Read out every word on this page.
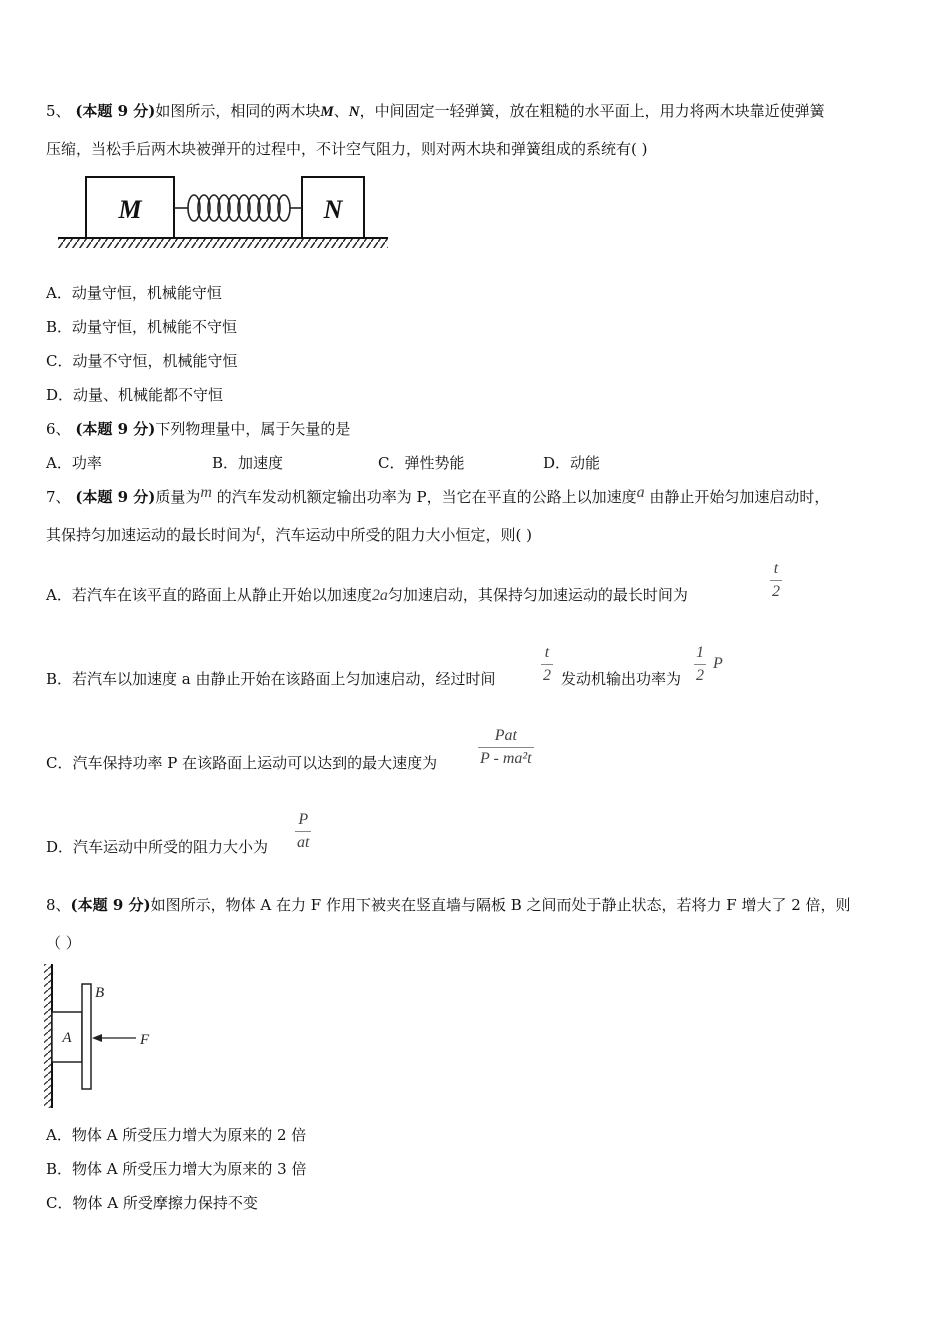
5、 (本题 9 分)如图所示，相同的两木块M、N，中间固定一轻弹簧，放在粗糙的水平面上，用力将两木块靠近使弹簧
压缩，当松手后两木块被弹开的过程中，不计空气阻力，则对两木块和弹簧组成的系统有( )
M	N
A．动量守恒，机械能守恒
B．动量守恒，机械能不守恒
C．动量不守恒，机械能守恒
D．动量、机械能都不守恒
6、 (本题 9 分)下列物理量中，属于矢量的是
A．功率	B．加速度	C．弹性势能	D．动能
7、 (本题 9 分)质量为m 的汽车发动机额定输出功率为 P，当它在平直的公路上以加速度a 由静止开始匀加速启动时，
其保持匀加速运动的最长时间为t，汽车运动中所受的阻力大小恒定，则( )
A．若汽车在该平直的路面上从静止开始以加速度2a匀加速启动，其保持匀加速运动的最长时间为
t
2
B．若汽车以加速度 a 由静止开始在该路面上匀加速启动，经过时间
t
2 发动机输出功率为
1
2
P
C．汽车保持功率 P 在该路面上运动可以达到的最大速度为
Pat
P - ma²t
D．汽车运动中所受的阻力大小为
P
at
8、(本题 9 分)如图所示，物体 A 在力 F 作用下被夹在竖直墙与隔板 B 之间而处于静止状态，若将力 F 增大了 2 倍，则
（ ）
A
B
F
A．物体 A 所受压力增大为原来的 2 倍
B．物体 A 所受压力增大为原来的 3 倍
C．物体 A 所受摩擦力保持不变
